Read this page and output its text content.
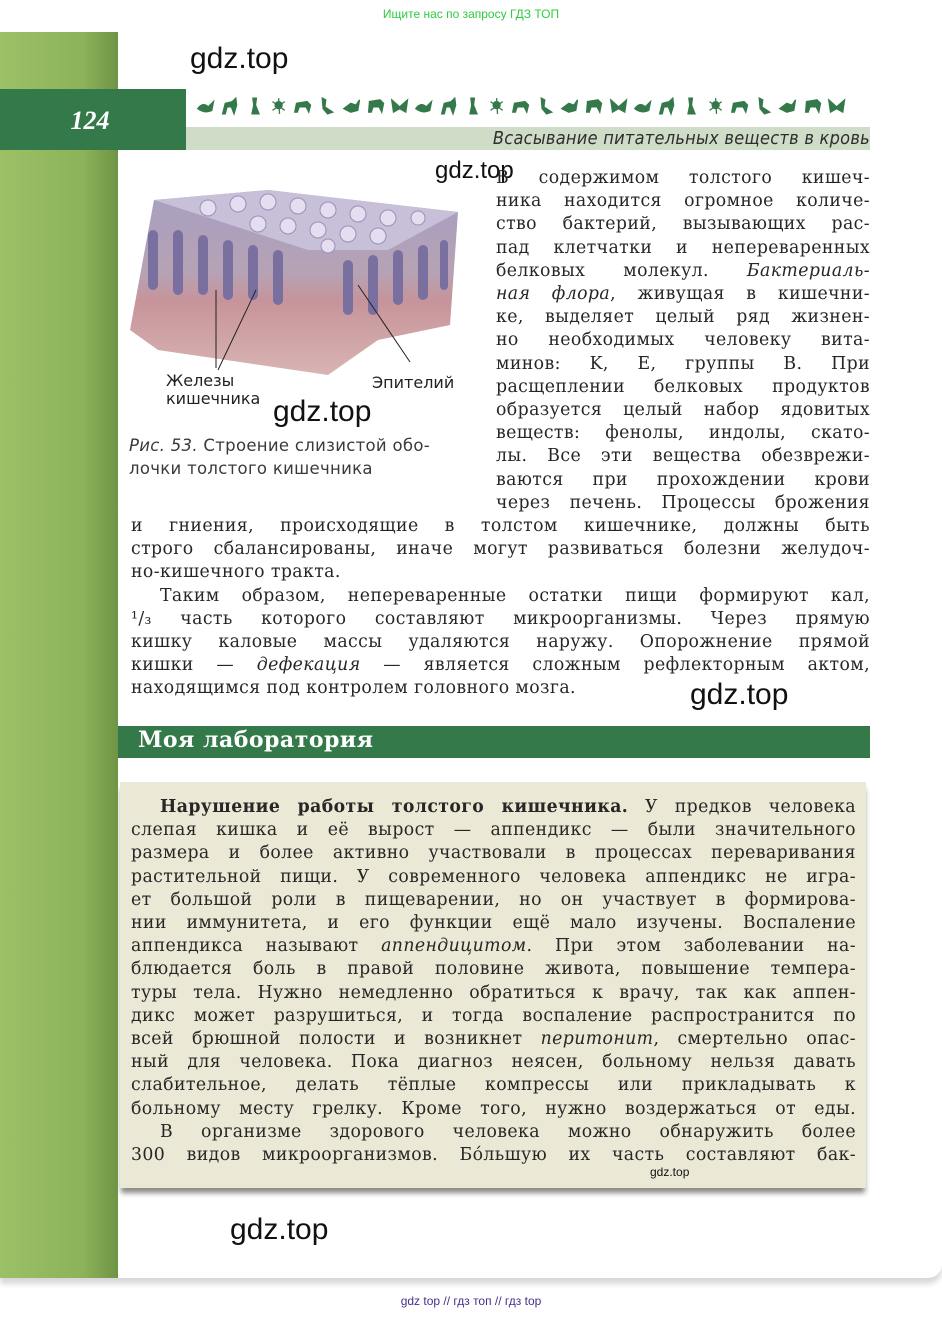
Ищите нас по запросу ГДЗ ТОП
124
Всасывание питательных веществ в кровь
gdz.top
gdz.top
gdz.top
gdz.top
gdz.top
Железы
кишечника
Эпителий
Рис. 53. Строение слизистой обо-
лочки толстого кишечника
В содержимом толстого кишеч-
ника находится огромное количе-
ство бактерий, вызывающих рас-
пад клетчатки и непереваренных
белковых молекул. Бактериаль-
ная флора, живущая в кишечни-
ке, выделяет целый ряд жизнен-
но необходимых человеку вита-
минов: K, E, группы B. При
расщеплении белковых продуктов
образуется целый набор ядовитых
веществ: фенолы, индолы, скато-
лы. Все эти вещества обезврежи-
ваются при прохождении крови
через печень. Процессы брожения
и гниения, происходящие в толстом кишечнике, должны быть
строго сбалансированы, иначе могут развиваться болезни желудоч-
но-кишечного тракта.
Таким образом, непереваренные остатки пищи формируют кал,
¹/₃ часть которого составляют микроорганизмы. Через прямую
кишку каловые массы удаляются наружу. Опорожнение прямой
кишки — дефекация — является сложным рефлекторным актом,
находящимся под контролем головного мозга.
Моя лаборатория
Нарушение работы толстого кишечника. У предков человека
слепая кишка и её вырост — аппендикс — были значительного
размера и более активно участвовали в процессах переваривания
растительной пищи. У современного человека аппендикс не игра-
ет большой роли в пищеварении, но он участвует в формирова-
нии иммунитета, и его функции ещё мало изучены. Воспаление
аппендикса называют аппендицитом. При этом заболевании на-
блюдается боль в правой половине живота, повышение темпера-
туры тела. Нужно немедленно обратиться к врачу, так как аппен-
дикс может разрушиться, и тогда воспаление распространится по
всей брюшной полости и возникнет перитонит, смертельно опас-
ный для человека. Пока диагноз неясен, больному нельзя давать
слабительное, делать тёплые компрессы или прикладывать к
больному месту грелку. Кроме того, нужно воздержаться от еды.
В организме здорового человека можно обнаружить более
300 видов микроорганизмов. Бо́льшую их часть составляют бак-
gdz.top
gdz top // гдз топ // гдз top
